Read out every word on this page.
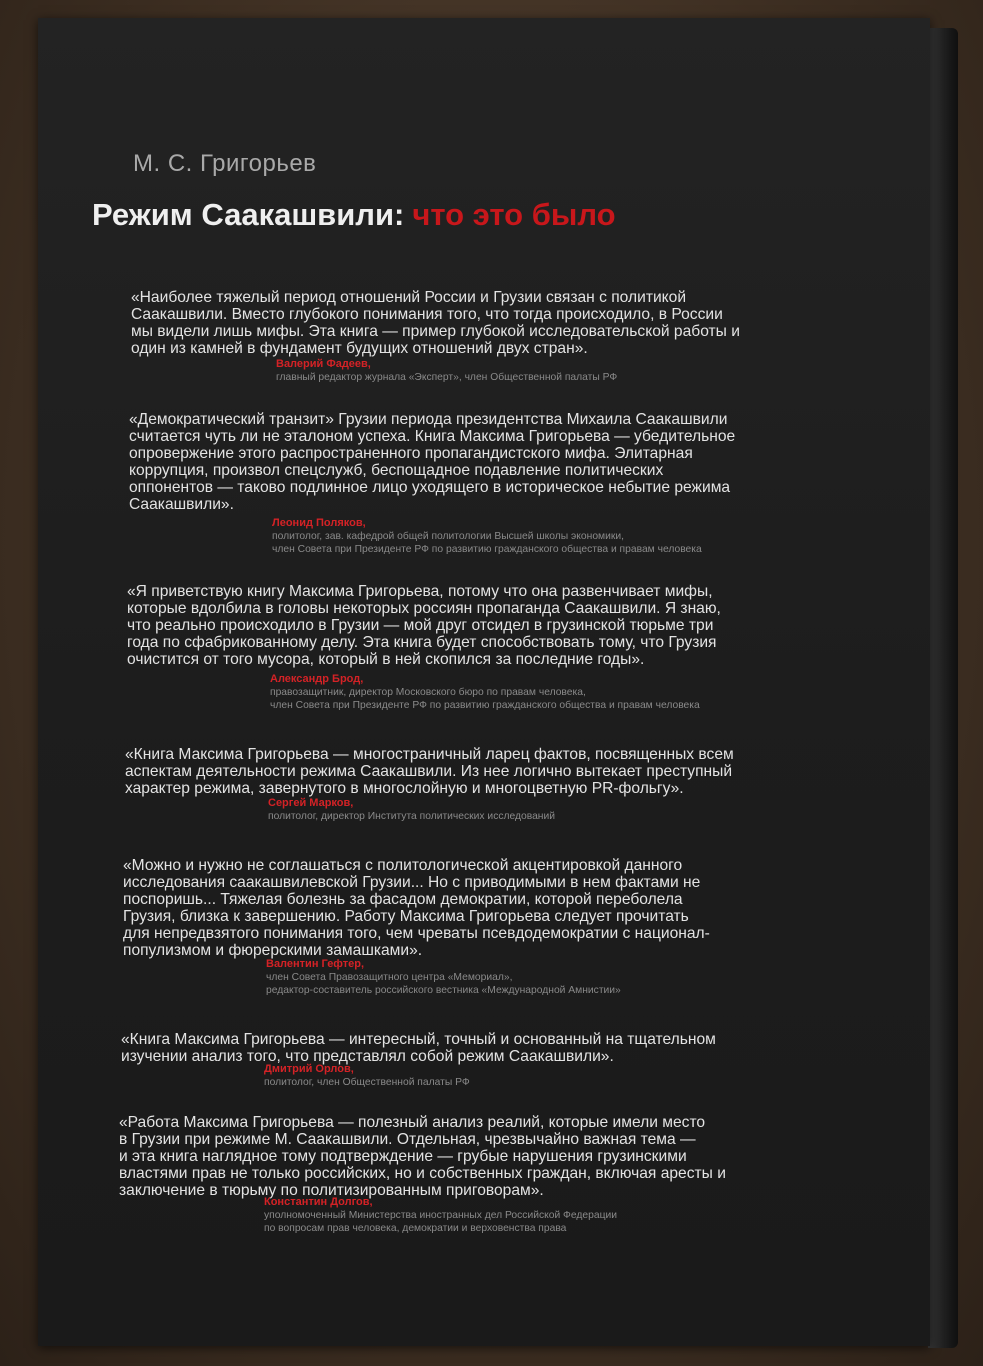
М. С. Григорьев
Режим Саакашвили: что это было

«Наиболее тяжелый период отношений России и Грузии связан с политикой

Саакашвили. Вместо глубокого понимания того, что тогда происходило, в России

мы видели лишь мифы. Эта книга — пример глубокой исследовательской работы и

один из камней в фундамент будущих отношений двух стран».

Валерий Фадеев,
главный редактор журнала «Эксперт», член Общественной палаты РФ

«Демократический транзит» Грузии периода президентства Михаила Саакашвили

считается чуть ли не эталоном успеха. Книга Максима Григорьева — убедительное

опровержение этого распространенного пропагандистского мифа. Элитарная

коррупция, произвол спецслужб, беспощадное подавление политических

оппонентов — таково подлинное лицо уходящего в историческое небытие режима

Саакашвили».

Леонид Поляков,
политолог, зав. кафедрой общей политологии Высшей школы экономики,
член Совета при Президенте РФ по развитию гражданского общества и правам человека

«Я приветствую книгу Максима Григорьева, потому что она развенчивает мифы,

которые вдолбила в головы некоторых россиян пропаганда Саакашвили. Я знаю,

что реально происходило в Грузии — мой друг отсидел в грузинской тюрьме три

года по сфабрикованному делу. Эта книга будет способствовать тому, что Грузия

очистится от того мусора, который в ней скопился за последние годы».

Александр Брод,
правозащитник, директор Московского бюро по правам человека,
член Совета при Президенте РФ по развитию гражданского общества и правам человека

«Книга Максима Григорьева — многостраничный ларец фактов, посвященных всем

аспектам деятельности режима Саакашвили. Из нее логично вытекает преступный

характер режима, завернутого в многослойную и многоцветную PR-фольгу».

Сергей Марков,
политолог, директор Института политических исследований

«Можно и нужно не соглашаться с политологической акцентировкой данного

исследования саакашвилевской Грузии... Но с приводимыми в нем фактами не

поспоришь... Тяжелая болезнь за фасадом демократии, которой переболела

Грузия, близка к завершению. Работу Максима Григорьева следует прочитать

для непредвзятого понимания того, чем чреваты псевдодемократии с национал-

популизмом и фюрерскими замашками».

Валентин Гефтер,
член Совета Правозащитного центра «Мемориал»,
редактор-составитель российского вестника «Международной Амнистии»

«Книга Максима Григорьева — интересный, точный и основанный на тщательном

изучении анализ того, что представлял собой режим Саакашвили».

Дмитрий Орлов,
политолог, член Общественной палаты РФ

«Работа Максима Григорьева — полезный анализ реалий, которые имели место

в Грузии при режиме М. Саакашвили. Отдельная, чрезвычайно важная тема —

и эта книга наглядное тому подтверждение — грубые нарушения грузинскими

властями прав не только российских, но и собственных граждан, включая аресты и

заключение в тюрьму по политизированным приговорам».

Константин Долгов,
уполномоченный Министерства иностранных дел Российской Федерации
по вопросам прав человека, демократии и верховенства права
